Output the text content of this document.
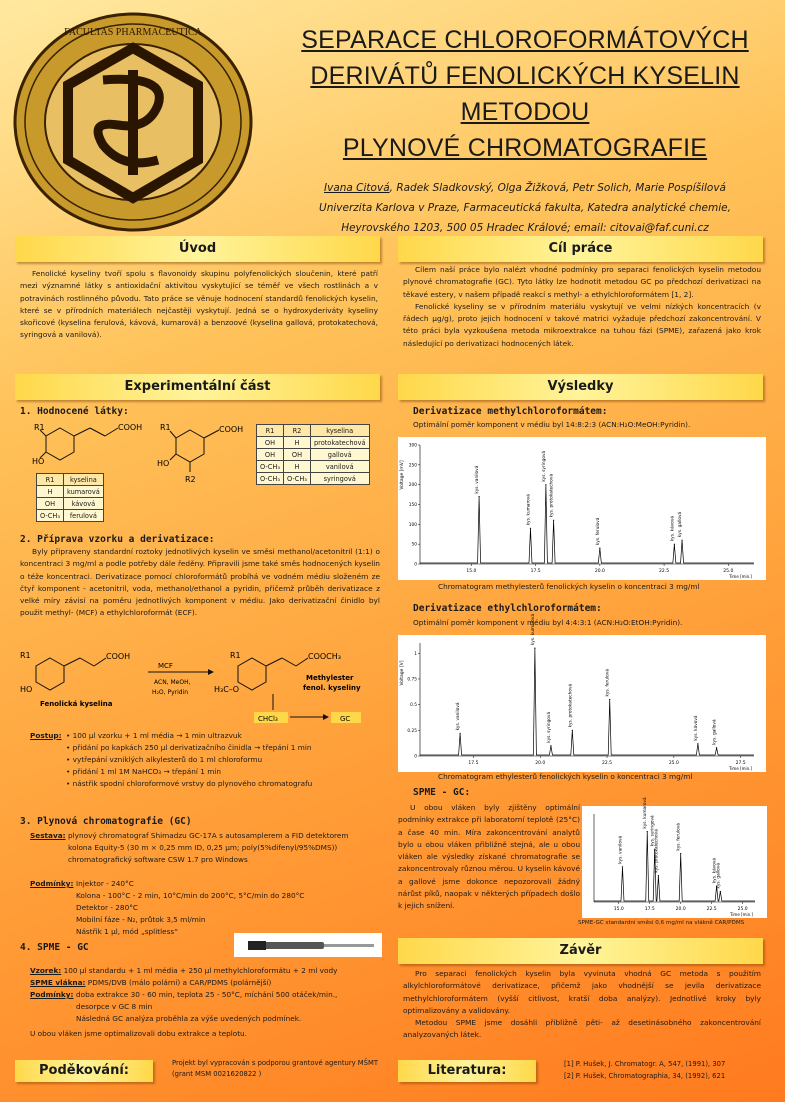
FACULTAS PHARMACEUTICA	SEPARACE CHLOROFORMÁTOVÝCH
DERIVÁTŮ FENOLICKÝCH KYSELIN
METODOU
PLYNOVÉ CHROMATOGRAFIE
Ivana Citová, Radek Sladkovský, Olga Žižková, Petr Solich, Marie Pospíšilová
Univerzita Karlova v Praze, Farmaceutická fakulta, Katedra analytické chemie,
Heyrovského 1203, 500 05 Hradec Králové; email: citovai@faf.cuni.cz
Úvod	Cíl práce

Fenolické kyseliny tvoří spolu s flavonoidy skupinu polyfenolických sloučenin, které patří mezi významné látky s antioxidační aktivitou vyskytující se téměř ve všech rostlinách a v potravinách rostlinného původu. Tato práce se věnuje hodnocení standardů fenolických kyselin, které se v přírodních materiálech nejčastěji vyskytují. Jedná se o hydroxyderiváty kyseliny skořicové (kyselina ferulová, kávová, kumarová) a benzoové (kyselina gallová, protokatechová, syringová a vanilová).

Cílem naší práce bylo nalézt vhodné podmínky pro separaci fenolických kyselin metodou plynové chromatografie (GC). Tyto látky lze hodnotit metodou GC po předchozí derivatizaci na těkavé estery, v našem případě reakcí s methyl- a ethylchloroformátem [1, 2].

Fenolické kyseliny se v přírodním materiálu vyskytují ve velmi nízkých koncentracích (v řádech µg/g), proto jejich hodnocení v takové matrici vyžaduje předchozí zakoncentrování. V této práci byla vyzkoušena metoda mikroextrakce na tuhou fázi (SPME), zařazená jako krok následující po derivatizaci hodnocených látek.

Experimentální část	Výsledky
1. Hodnocené látky:
R1	COOH
HO
R1	kyselina
H	kumarová
OH	kávová
O-CH₃	ferulová
R1	COOH
HO
R2
R1	R2	kyselina
OH	H	protokatechová
OH	OH	gallová
O-CH₃	H	vanilová
O-CH₃	O-CH₃	syringová
2. Příprava vzorku a derivatizace:

Byly připraveny standardní roztoky jednotlivých kyselin ve směsi methanol/acetonitril (1:1) o koncentraci 3 mg/ml a podle potřeby dále ředěny. Připravili jsme také směs hodnocených kyselin o téže koncentraci. Derivatizace pomocí chloroformátů probíhá ve vodném médiu složeném ze čtyř komponent - acetonitril, voda, methanol/ethanol a pyridin, přičemž průběh derivatizace z velké míry závisí na poměru jednotlivých komponent v médiu. Jako derivatizační činidlo byl použit methyl- (MCF) a ethylchloroformát (ECF).

R1	COOH
HO
Fenolická kyselina
MCF
ACN, MeOH,
H₂O, Pyridin
R1	COOCH₃
H₃C–O
Methylester
fenol. kyseliny
CHCl₃	GC
Postup:	• 100 µl vzorku + 1 ml média → 1 min ultrazvuk
• přidání po kapkách 250 µl derivatizačního činidla → třepání 1 min
• vytřepání vzniklých alkylesterů do 1 ml chloroformu
• přidání 1 ml 1M NaHCO₃ → třepání 1 min
• nástřik spodní chloroformové vrstvy do plynového chromatografu
3. Plynová chromatografie (GC)
Sestava: plynový chromatograf Shimadzu GC-17A s autosamplerem a FID detektorem
kolona Equity-5 (30 m × 0,25 mm ID, 0,25 µm; poly(5%difenyl/95%DMS))
chromatografický software CSW 1.7 pro Windows
Podmínky: Injektor - 240°C
Kolona - 100°C - 2 min, 10°C/min do 200°C, 5°C/min do 280°C
Detektor - 280°C
Mobilní fáze - N₂, průtok 3,5 ml/min
Nástřik 1 µl, mód „splitless“
4. SPME - GC
Vzorek: 100 µl standardu + 1 ml média + 250 µl methylchloroformátu + 2 ml vody
SPME vlákna: PDMS/DVB (málo polární) a CAR/PDMS (polárnější)
Podmínky: doba extrakce 30 - 60 min, teplota 25 - 50°C, míchání 500 otáček/min.,
desorpce v GC 8 min
Následná GC analýza proběhla za výše uvedených podmínek.
U obou vláken jsme optimalizovali dobu extrakce a teplotu.
Derivatizace methylchloroformátem:
Optimální poměr komponent v médiu byl 14:8:2:3 (ACN:H₂O:MeOH:Pyridin).
15.0	17.5	20.0	22.5	25.0
0
50
100
150
200
250
300
Voltage [mV]
Time [min.]
kys. vanilová
kys. kumarová
kys. syringová
kys. protokatechová
kys. ferulová	kys. kávová kys. gallová
Chromatogram methylesterů fenolických kyselin o koncentraci 3 mg/ml
Derivatizace ethylchloroformátem:
Optimální poměr komponent v médiu byl 4:4:3:1 (ACN:H₂O:EtOH:Pyridin).
17.5	20.0	22.5	25.0	27.5
0
0.25
0.5
0.75
1
Voltage [V]
Time [min.]
kys. vanilová
kys. kumarová
kys. syringová	kys. protokatechová
kys. ferulová
kys. kávová	kys. gallová
Chromatogram ethylesterů fenolických kyselin o koncentraci 3 mg/ml
SPME - GC:

U obou vláken byly zjištěny optimální podmínky extrakce při laboratorní teplotě (25°C) a čase 40 min. Míra zakoncentrování analytů bylo u obou vláken přibližně stejná, ale u obou vláken ale výsledky získané chromatografie se zakoncentrovaly různou měrou. U kyselin kávové a gallové jsme dokonce nepozorovali žádný nárůst píků, naopak v některých případech došlo k jejich snížení.	15.0	17.5	20.0	22.5	25.0
Time [min.]
kys. vanilová
kys. kumarová
kys. syringová
kys. protokatechová	kys. ferulová
kys. kávová
kys. gallová
SPME-GC standardní směsi 0,6 mg/ml na vlákně CAR/PDMS
Závěr

Pro separaci fenolických kyselin byla vyvinuta vhodná GC metoda s použitím alkylchloroformátové derivatizace, přičemž jako vhodnější se jevila derivatizace methylchloroformátem (vyšší citlivost, kratší doba analýzy). Jednotlivé kroky byly optimalizovány a validovány.

Metodou SPME jsme dosáhli přibližně pěti- až desetinásobného zakoncentrování analyzovaných látek.

Poděkování:	Projekt byl vypracován s podporou grantové agentury MŠMT (grant MSM 0021620822 )	Literatura:	[1] P. Hušek, J. Chromatogr. A, 547, (1991), 307
[2] P. Hušek, Chromatographia, 34, (1992), 621
